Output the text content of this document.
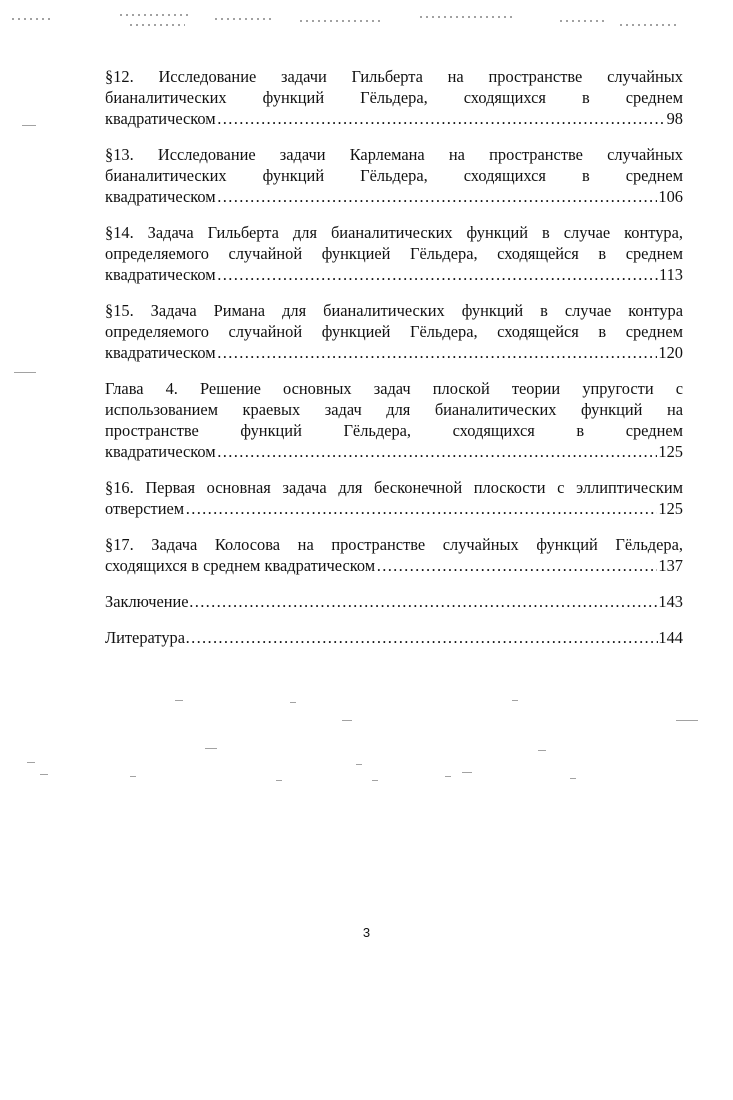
§12. Исследование задачи Гильберта на пространстве случайных
бианалитических функций Гёльдера, сходящихся в среднем
квадратическом …………………………………………………………………………………………………………………………………………	98
§13. Исследование задачи Карлемана на пространстве случайных
бианалитических функций Гёльдера, сходящихся в среднем
квадратическом …………………………………………………………………………………………………………………………………………	106
§14. Задача Гильберта для бианалитических функций в случае контура,
определяемого случайной функцией Гёльдера, сходящейся в среднем
квадратическом …………………………………………………………………………………………………………………………………………	113
§15. Задача Римана для бианалитических функций в случае контура
определяемого случайной функцией Гёльдера, сходящейся в среднем
квадратическом …………………………………………………………………………………………………………………………………………	120
Глава 4. Решение основных задач плоской теории упругости с
использованием краевых задач для бианалитических функций на
пространстве функций Гёльдера, сходящихся в среднем
квадратическом …………………………………………………………………………………………………………………………………………	125
§16. Первая основная задача для бесконечной плоскости с эллиптическим
отверстием …………………………………………………………………………………………………………………………………………	125
§17. Задача Колосова на пространстве случайных функций Гёльдера,
сходящихся в среднем квадратическом …………………………………………………………………………………………………………………………………………	137
Заключение …………………………………………………………………………………………………………………………………………	143
Литература …………………………………………………………………………………………………………………………………………	144
3
